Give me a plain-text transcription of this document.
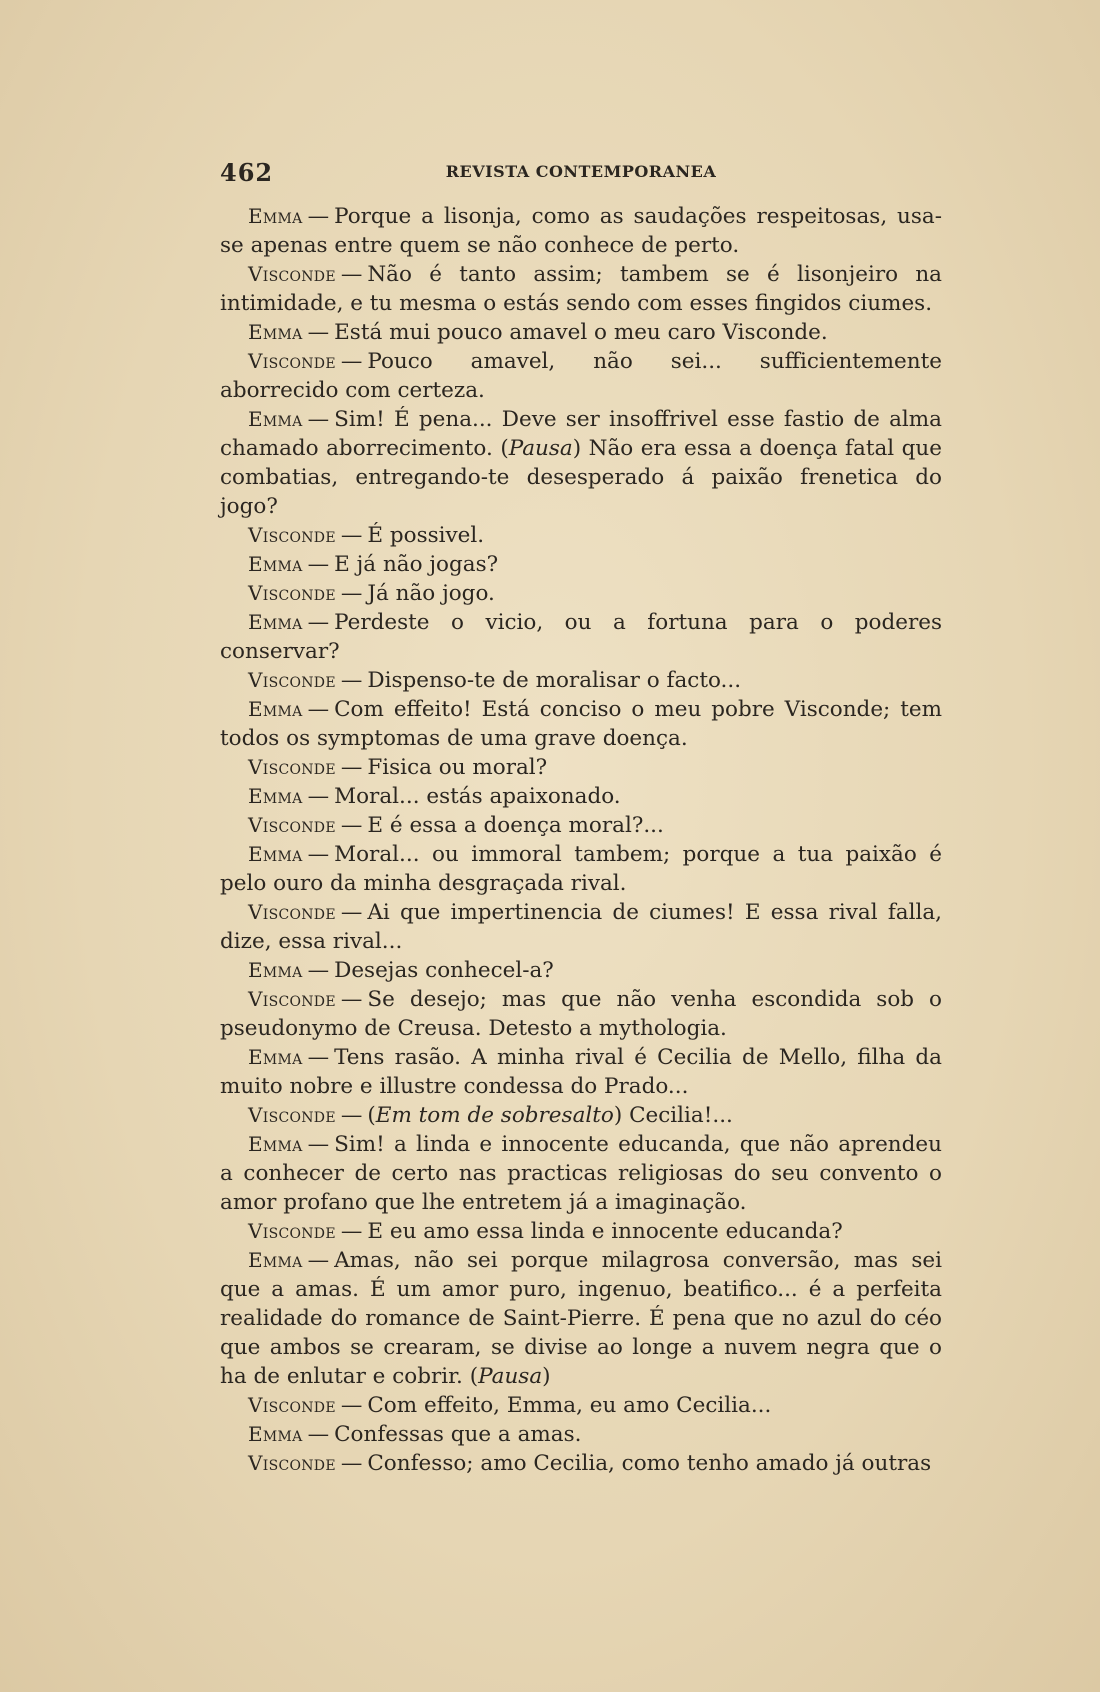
462	REVISTA CONTEMPORANEA

Emma — Porque a lisonja, como as saudações respeitosas, usa-se apenas entre quem se não conhece de perto.

Visconde — Não é tanto assim; tambem se é lisonjeiro na intimidade, e tu mesma o estás sendo com esses fingidos ciumes.

Emma — Está mui pouco amavel o meu caro Visconde.

Visconde — Pouco amavel, não sei... sufficientemente aborrecido com certeza.

Emma — Sim! É pena... Deve ser insoffrivel esse fastio de alma chamado aborrecimento. (Pausa) Não era essa a doença fatal que combatias, entregando-te desesperado á paixão frenetica do jogo?

Visconde — É possivel.

Emma — E já não jogas?

Visconde — Já não jogo.

Emma — Perdeste o vicio, ou a fortuna para o poderes conservar?

Visconde — Dispenso-te de moralisar o facto...

Emma — Com effeito! Está conciso o meu pobre Visconde; tem todos os symptomas de uma grave doença.

Visconde — Fisica ou moral?

Emma — Moral... estás apaixonado.

Visconde — E é essa a doença moral?...

Emma — Moral... ou immoral tambem; porque a tua paixão é pelo ouro da minha desgraçada rival.

Visconde — Ai que impertinencia de ciumes! E essa rival falla, dize, essa rival...

Emma — Desejas conhecel-a?

Visconde — Se desejo; mas que não venha escondida sob o pseudonymo de Creusa. Detesto a mythologia.

Emma — Tens rasão. A minha rival é Cecilia de Mello, filha da muito nobre e illustre condessa do Prado...

Visconde — (Em tom de sobresalto) Cecilia!...

Emma — Sim! a linda e innocente educanda, que não aprendeu a conhecer de certo nas practicas religiosas do seu convento o amor profano que lhe entretem já a imaginação.

Visconde — E eu amo essa linda e innocente educanda?

Emma — Amas, não sei porque milagrosa conversão, mas sei que a amas. É um amor puro, ingenuo, beatifico... é a perfeita realidade do romance de Saint-Pierre. É pena que no azul do céo que ambos se crearam, se divise ao longe a nuvem negra que o ha de enlutar e cobrir. (Pausa)

Visconde — Com effeito, Emma, eu amo Cecilia...

Emma — Confessas que a amas.

Visconde — Confesso; amo Cecilia, como tenho amado já outras
